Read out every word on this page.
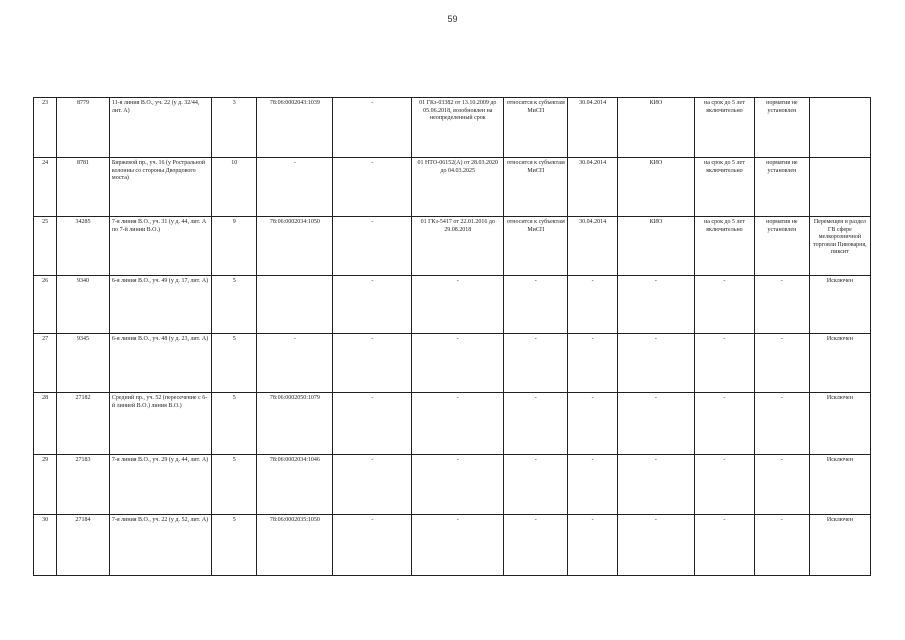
59
23	8779	11-я линия В.О., уч. 22 (у д. 32/44, лит. А)	3	78:06:0002043:1039	-	01 ГКз-03382 от 13.10.2009 до 05.06.2018, возобновлен на неопределенный срок	относится к субъектам МиСП	30.04.2014	КИО	на срок до 5 лет включительно	норматив не установлен	
24	8781	Биржевой пр., уч. 16 (у Ростральной колонны со стороны Дворцового моста)	10	-	-	01 НТО-06152(А) от 28.03.2020 до 04.03.2025	относится к субъектам МиСП	30.04.2014	КИО	на срок до 5 лет включительно	норматив не установлен	
25	34285	7-я линия В.О., уч. 31 (у д. 44, лит. А по 7-й линии В.О.)	9	78:06:0002034:1050	-	01 ГКз-5417 от 22.01.2016 до 29.08.2018	относится к субъектам МиСП	30.04.2014	КИО	на срок до 5 лет включительно	норматив не установлен	Перемещен в раздел ГВ сфере мелкорозничной торговли Пивоварня, пиксит
26	9340	6-я линия В.О., уч. 49 (у д. 17, лит. А)	5		-	-	-	-	-	-	-	Исключен
27	9345	6-я линия В.О., уч. 48 (у д. 23, лит. А)	5	-	-	-	-	-	-	-	-	Исключен
28	27182	Средний пр., уч. 52 (пересечение с 6-й линией В.О.) линия В.О.)	5	78:06:0002050:1079	-	-	-	-	-	-	-	Исключен
29	27183	7-я линия В.О., уч. 29 (у д. 44, лит. А)	5	78:06:0002034:1046	-	-	-	-	-	-	-	Исключен
30	27184	7-я линия В.О., уч. 22 (у д. 52, лит. А)	5	78:06:0002035:1050	-	-	-	-	-	-	-	Исключен
